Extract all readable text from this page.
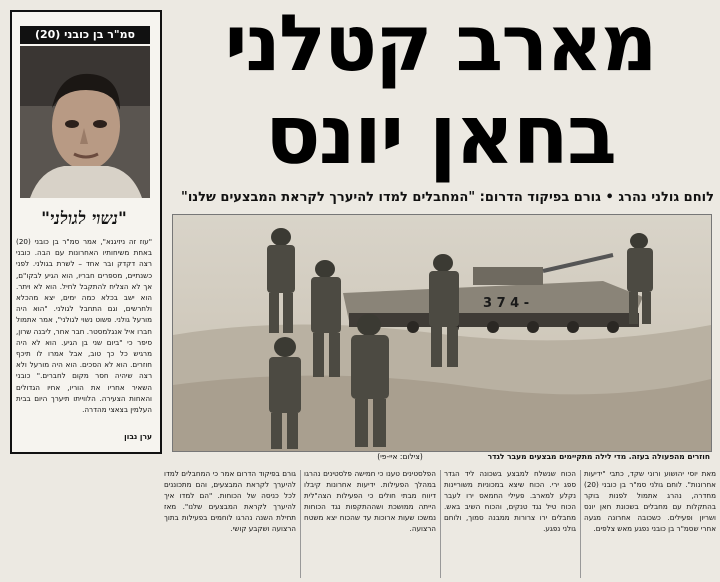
מארב קטלני
בחאן יונס
לוחם גולני נהרג • גורם בפיקוד הדרום: "המחבלים למדו להיערך לקראת המבצעים שלנו"
סמ"ר בן כובני (20)
"נשוי לגולני"
"עוז זה ניזיגנא", אמר סמ"ר בן כובני (20) באחת משיחותיו האחרונות עם הבה. כובני רצה דקדק ובר אחד – לשרת בגולני. לפני כשנתיים, מספרים חבריו, הוא הגיע לבקו"ם, אך לא הצליח להתקבל לחיל. הוא לא ויתר. הוא ישב בכלא כמה ימים, יצא מהכלא ולחרשים, וגם התחבל לגולני. "הוא היה מורעל גולני. פשוט נשוי לגולני", אמר אתמול חברו איל אנגלמסטר. חבר אחר, ליבנה שרון, סיפר כי "ביום שני בן הגיע. הוא לא היה מרגיש כל כך טוב, אבל אמרו לו תיכף חוזרים. הוא לא הסכים. הוא היה מורעל ולא רצה שיהיה חסר מקום לחברים." כובני השאיר אחריו את הוריו, אחיו הגדולים והאחות הצעירה. הלווייתו תיערך היום בבית העלמין בצאצי מהדרה.
ערן נבון
3 7 4 -
(צילום: איי-פי)	חוזרים מהפעולה בעזה. מדי לילה מתקיימים מבצעים מעבר לגדר
מאת יוסי יהושוע ורוני שקד, כתבי "ידיעות אחרונות". לוחם גולני סמ"ר בן כובני (20) מחדרה, נהרג אתמול לפנות בוקר בהתקלות עם מחבלים בשכונת חאן יונס ושריון ופעילים. כשכובה אחרונה מגעה אחרי שסמ"ר בן כובני נפגע מאש צלפים.
הכוח שנשלח למבצע בשכונה ליד הגדר ספג ירי. הכוח שיצא במכוניות משוריינות נקלע למארב. פעילי החמאס ירו לעבר הכוח טיל נגד טנקים, והכוח השיב באש. מחבלים ירו צרורות ממבנה סמוך, ולוחם גולני נפגע.
הפלסטינים טענו כי חמישה פלסטינים נהרגו במהלך הפעילות. ידיעות אחרונות קיבלו דיווח מבתי חולים כי הפעילות הצה"לית הייתה ממושכת ושההתקפות נגד הכוחות נמשכו שעות ארוכות עד שהכוח יצא משטח הרצועה.
גורם בפיקוד הדרום אמר כי המחבלים למדו להיערך לקראת המבצעים, והם מתכוננים לכל כניסה של הכוחות. "הם למדו איך להיערך לקראת המבצעים שלנו". מאז תחילת השנה נהרגו לוחמים בפעילות בתוך הרצועה ושקבע קושי.
